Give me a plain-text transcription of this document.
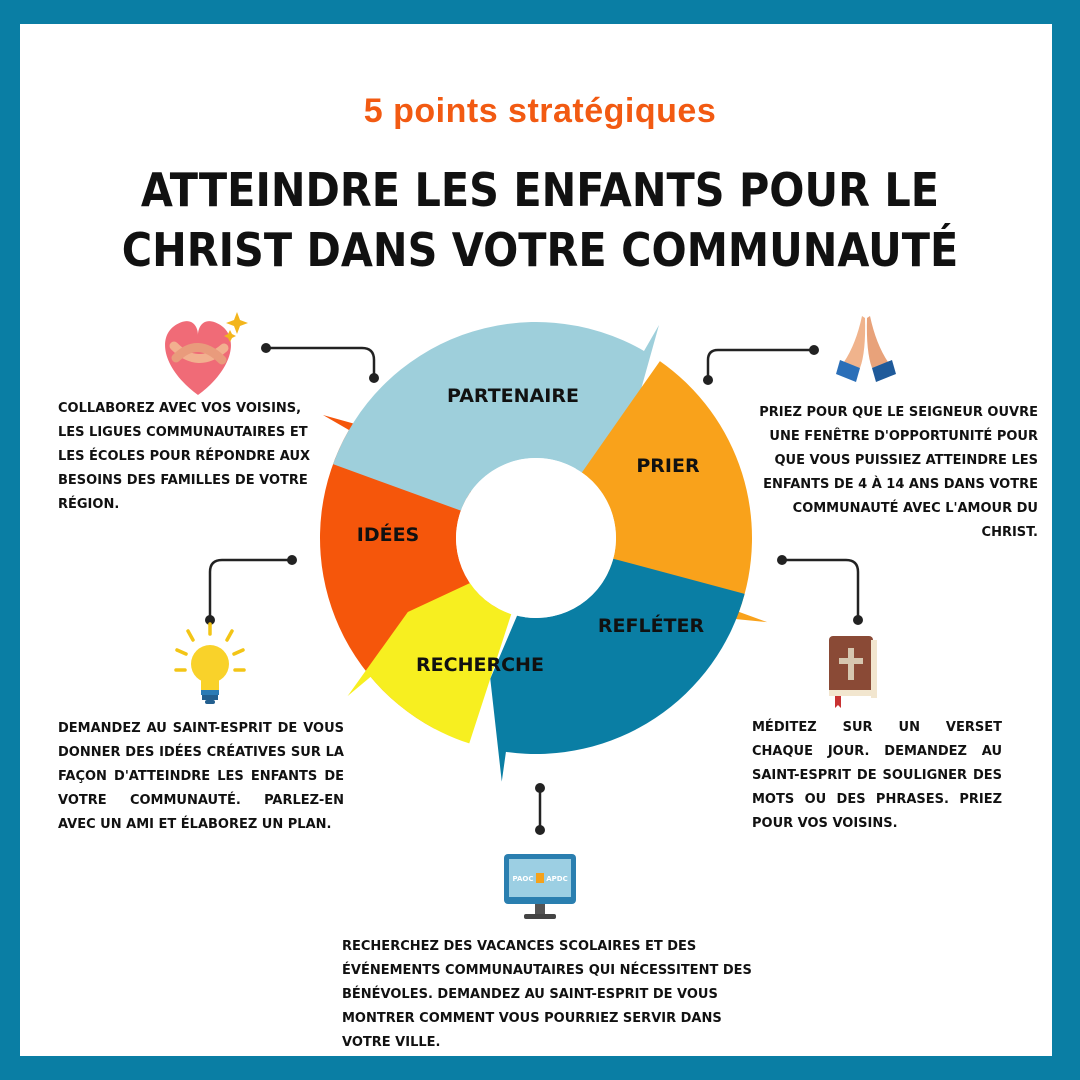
5 points stratégiques
ATTEINDRE LES ENFANTS POUR LE
CHRIST DANS VOTRE COMMUNAUTÉ
PAOC APDC
PARTENAIRE
PRIER
REFLÉTER
RECHERCHE
IDÉES
COLLABOREZ AVEC VOS VOISINS, LES LIGUES COMMUNAUTAIRES ET LES ÉCOLES POUR RÉPONDRE AUX BESOINS DES FAMILLES DE VOTRE RÉGION.
PRIEZ POUR QUE LE SEIGNEUR OUVRE UNE FENÊTRE D'OPPORTUNITÉ POUR QUE VOUS PUISSIEZ ATTEINDRE LES ENFANTS DE 4 À 14 ANS DANS VOTRE COMMUNAUTÉ AVEC L'AMOUR DU CHRIST.
MÉDITEZ SUR UN VERSET CHAQUE JOUR. DEMANDEZ AU SAINT-ESPRIT DE SOULIGNER DES MOTS OU DES PHRASES. PRIEZ POUR VOS VOISINS.
RECHERCHEZ DES VACANCES SCOLAIRES ET DES ÉVÉNEMENTS COMMUNAUTAIRES QUI NÉCESSITENT DES BÉNÉVOLES. DEMANDEZ AU SAINT-ESPRIT DE VOUS MONTRER COMMENT VOUS POURRIEZ SERVIR DANS VOTRE VILLE.
DEMANDEZ AU SAINT-ESPRIT DE VOUS DONNER DES IDÉES CRÉATIVES SUR LA FAÇON D'ATTEINDRE LES ENFANTS DE VOTRE COMMUNAUTÉ. PARLEZ-EN AVEC UN AMI ET ÉLABOREZ UN PLAN.
